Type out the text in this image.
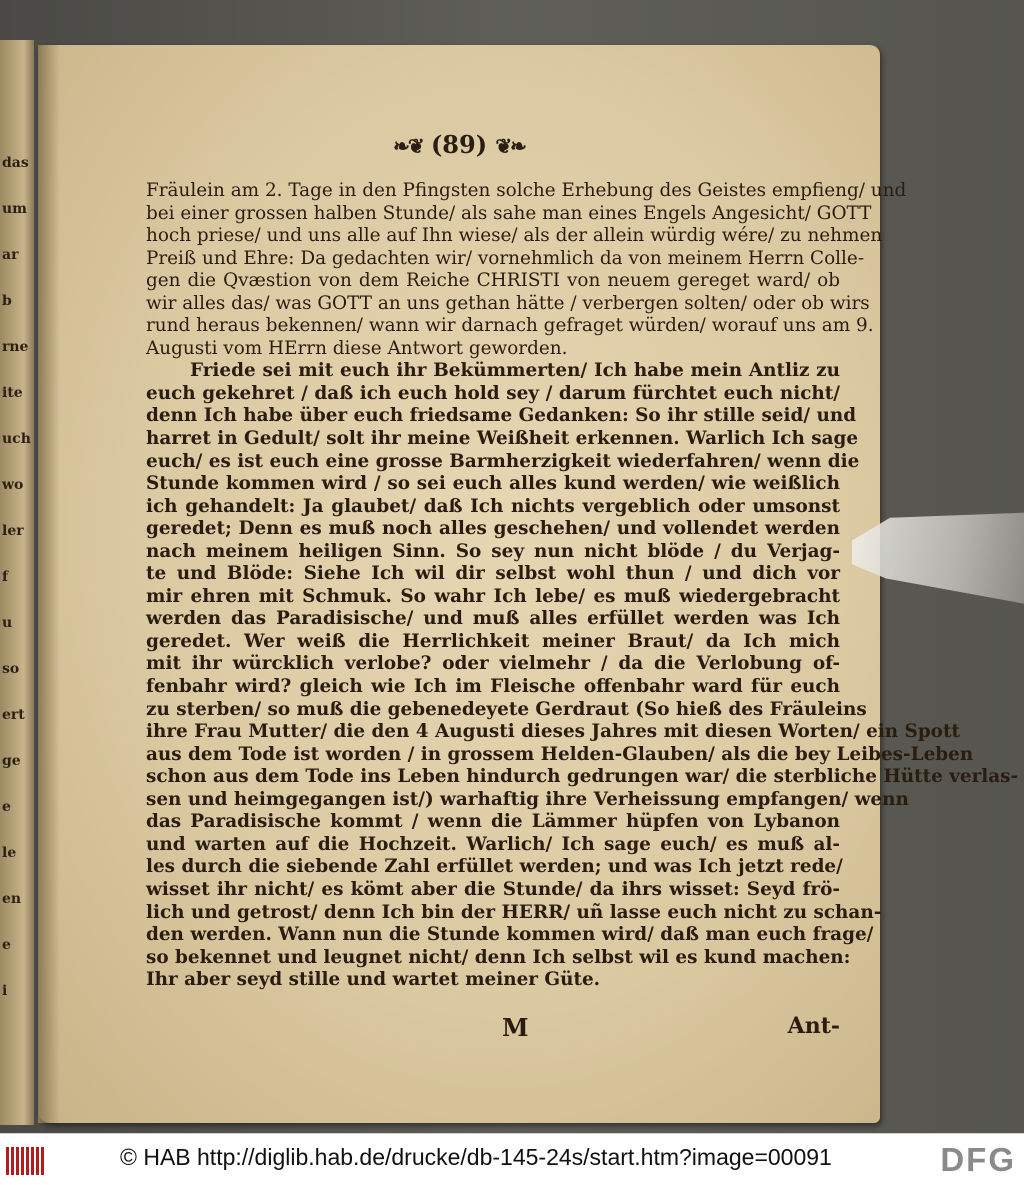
das
um
ar
b
rne
ite
uch
wo
ler
f
u
so
ert
ge
e
le
en
e
i
❧❦ (89) ❦❧
Fräulein am 2. Tage in den Pfingsten solche Erhebung des Geistes empfieng/ und
bei einer grossen halben Stunde/ als sahe man eines Engels Angesicht/ GOTT
hoch priese/ und uns alle auf Ihn wiese/ als der allein würdig wére/ zu nehmen
Preiß und Ehre: Da gedachten wir/ vornehmlich da von meinem Herrn Colle-
gen die Qvæstion von dem Reiche CHRISTI von neuem gereget ward/ ob
wir alles das/ was GOTT an uns gethan hätte / verbergen solten/ oder ob wirs
rund heraus bekennen/ wann wir darnach gefraget würden/ worauf uns am 9.
Augusti vom HErrn diese Antwort geworden.
Friede sei mit euch ihr Bekümmerten/ Ich habe mein Antliz zu
euch gekehret / daß ich euch hold sey / darum fürchtet euch nicht/
denn Ich habe über euch friedsame Gedanken: So ihr stille seid/ und
harret in Gedult/ solt ihr meine Weißheit erkennen. Warlich Ich sage
euch/ es ist euch eine grosse Barmherzigkeit wiederfahren/ wenn die
Stunde kommen wird / so sei euch alles kund werden/ wie weißlich
ich gehandelt: Ja glaubet/ daß Ich nichts vergeblich oder umsonst
geredet; Denn es muß noch alles geschehen/ und vollendet werden
nach meinem heiligen Sinn. So sey nun nicht blöde / du Verjag-
te und Blöde: Siehe Ich wil dir selbst wohl thun / und dich vor
mir ehren mit Schmuk. So wahr Ich lebe/ es muß wiedergebracht
werden das Paradisische/ und muß alles erfüllet werden was Ich
geredet. Wer weiß die Herrlichkeit meiner Braut/ da Ich mich
mit ihr würcklich verlobe? oder vielmehr / da die Verlobung of-
fenbahr wird? gleich wie Ich im Fleische offenbahr ward für euch
zu sterben/ so muß die gebenedeyete Gerdraut (So hieß des Fräuleins
ihre Frau Mutter/ die den 4 Augusti dieses Jahres mit diesen Worten/ ein Spott
aus dem Tode ist worden / in grossem Helden-Glauben/ als die bey Leibes-Leben
schon aus dem Tode ins Leben hindurch gedrungen war/ die sterbliche Hütte verlas-
sen und heimgegangen ist/) warhaftig ihre Verheissung empfangen/ wenn
das Paradisische kommt / wenn die Lämmer hüpfen von Lybanon
und warten auf die Hochzeit. Warlich/ Ich sage euch/ es muß al-
les durch die siebende Zahl erfüllet werden; und was Ich jetzt rede/
wisset ihr nicht/ es kömt aber die Stunde/ da ihrs wisset: Seyd frö-
lich und getrost/ denn Ich bin der HERR/ uñ lasse euch nicht zu schan-
den werden. Wann nun die Stunde kommen wird/ daß man euch frage/
so bekennet und leugnet nicht/ denn Ich selbst wil es kund machen:
Ihr aber seyd stille und wartet meiner Güte.
M	Ant-
© HAB http://diglib.hab.de/drucke/db-145-24s/start.htm?image=00091	DFG
